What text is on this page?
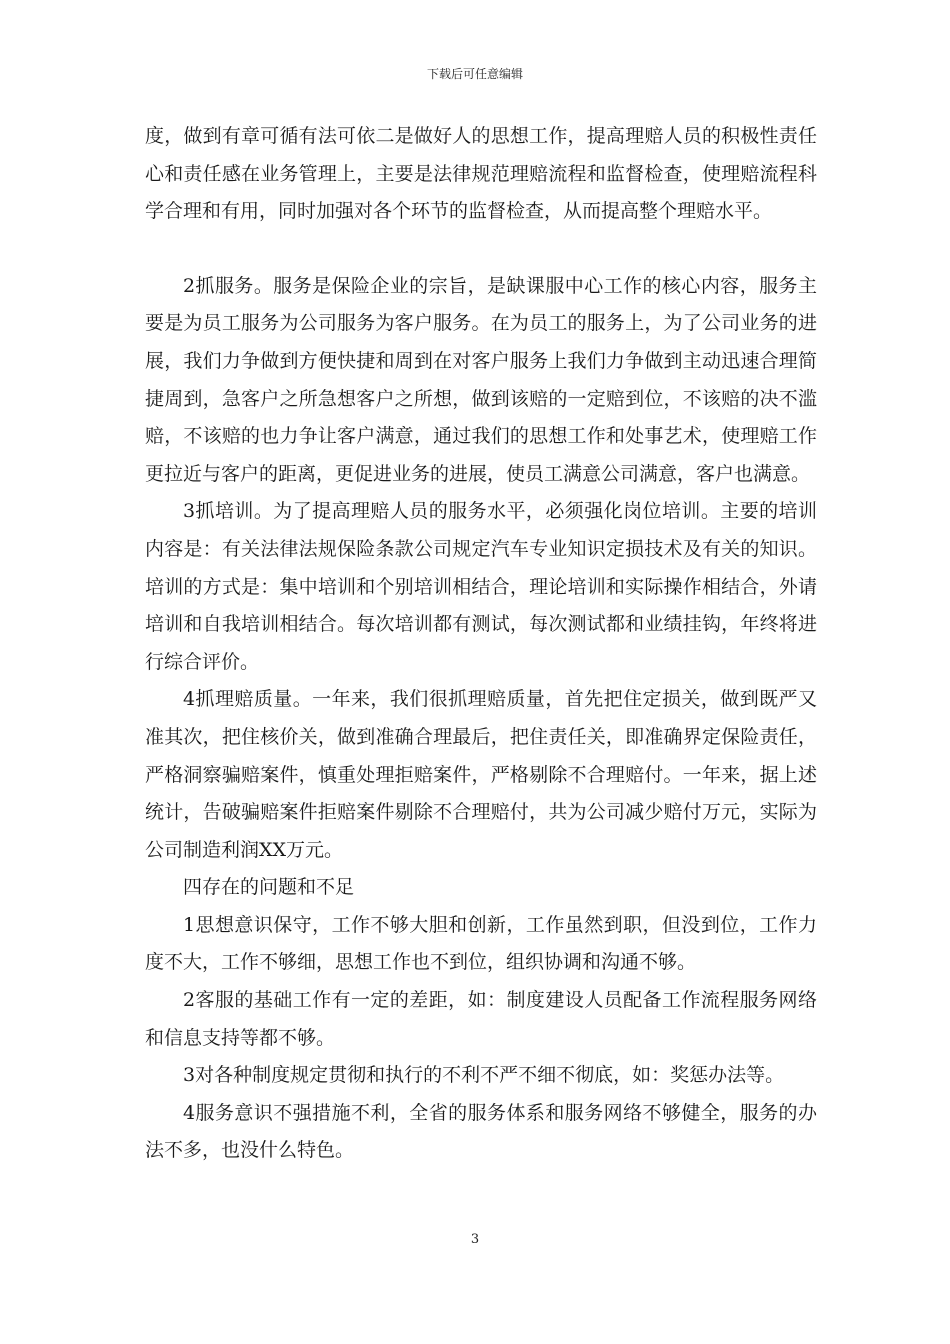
下载后可任意编辑

度，做到有章可循有法可依二是做好人的思想工作，提高理赔人员的积极性责任心和责任感在业务管理上，主要是法律规范理赔流程和监督检查，使理赔流程科学合理和有用，同时加强对各个环节的监督检查，从而提高整个理赔水平。

2抓服务。服务是保险企业的宗旨，是缺课服中心工作的核心内容，服务主要是为员工服务为公司服务为客户服务。在为员工的服务上，为了公司业务的进展，我们力争做到方便快捷和周到在对客户服务上我们力争做到主动迅速合理简捷周到，急客户之所急想客户之所想，做到该赔的一定赔到位，不该赔的决不滥赔，不该赔的也力争让客户满意，通过我们的思想工作和处事艺术，使理赔工作更拉近与客户的距离，更促进业务的进展，使员工满意公司满意，客户也满意。

3抓培训。为了提高理赔人员的服务水平，必须强化岗位培训。主要的培训内容是：有关法律法规保险条款公司规定汽车专业知识定损技术及有关的知识。培训的方式是：集中培训和个别培训相结合，理论培训和实际操作相结合，外请培训和自我培训相结合。每次培训都有测试，每次测试都和业绩挂钩，年终将进行综合评价。

4抓理赔质量。一年来，我们很抓理赔质量，首先把住定损关，做到既严又准其次，把住核价关，做到准确合理最后，把住责任关，即准确界定保险责任，严格洞察骗赔案件，慎重处理拒赔案件，严格剔除不合理赔付。一年来，据上述统计，告破骗赔案件拒赔案件剔除不合理赔付，共为公司减少赔付万元，实际为公司制造利润XX万元。

四存在的问题和不足

1思想意识保守，工作不够大胆和创新，工作虽然到职，但没到位，工作力度不大，工作不够细，思想工作也不到位，组织协调和沟通不够。

2客服的基础工作有一定的差距，如：制度建设人员配备工作流程服务网络和信息支持等都不够。

3对各种制度规定贯彻和执行的不利不严不细不彻底，如：奖惩办法等。

4服务意识不强措施不利，全省的服务体系和服务网络不够健全，服务的办法不多，也没什么特色。

3
